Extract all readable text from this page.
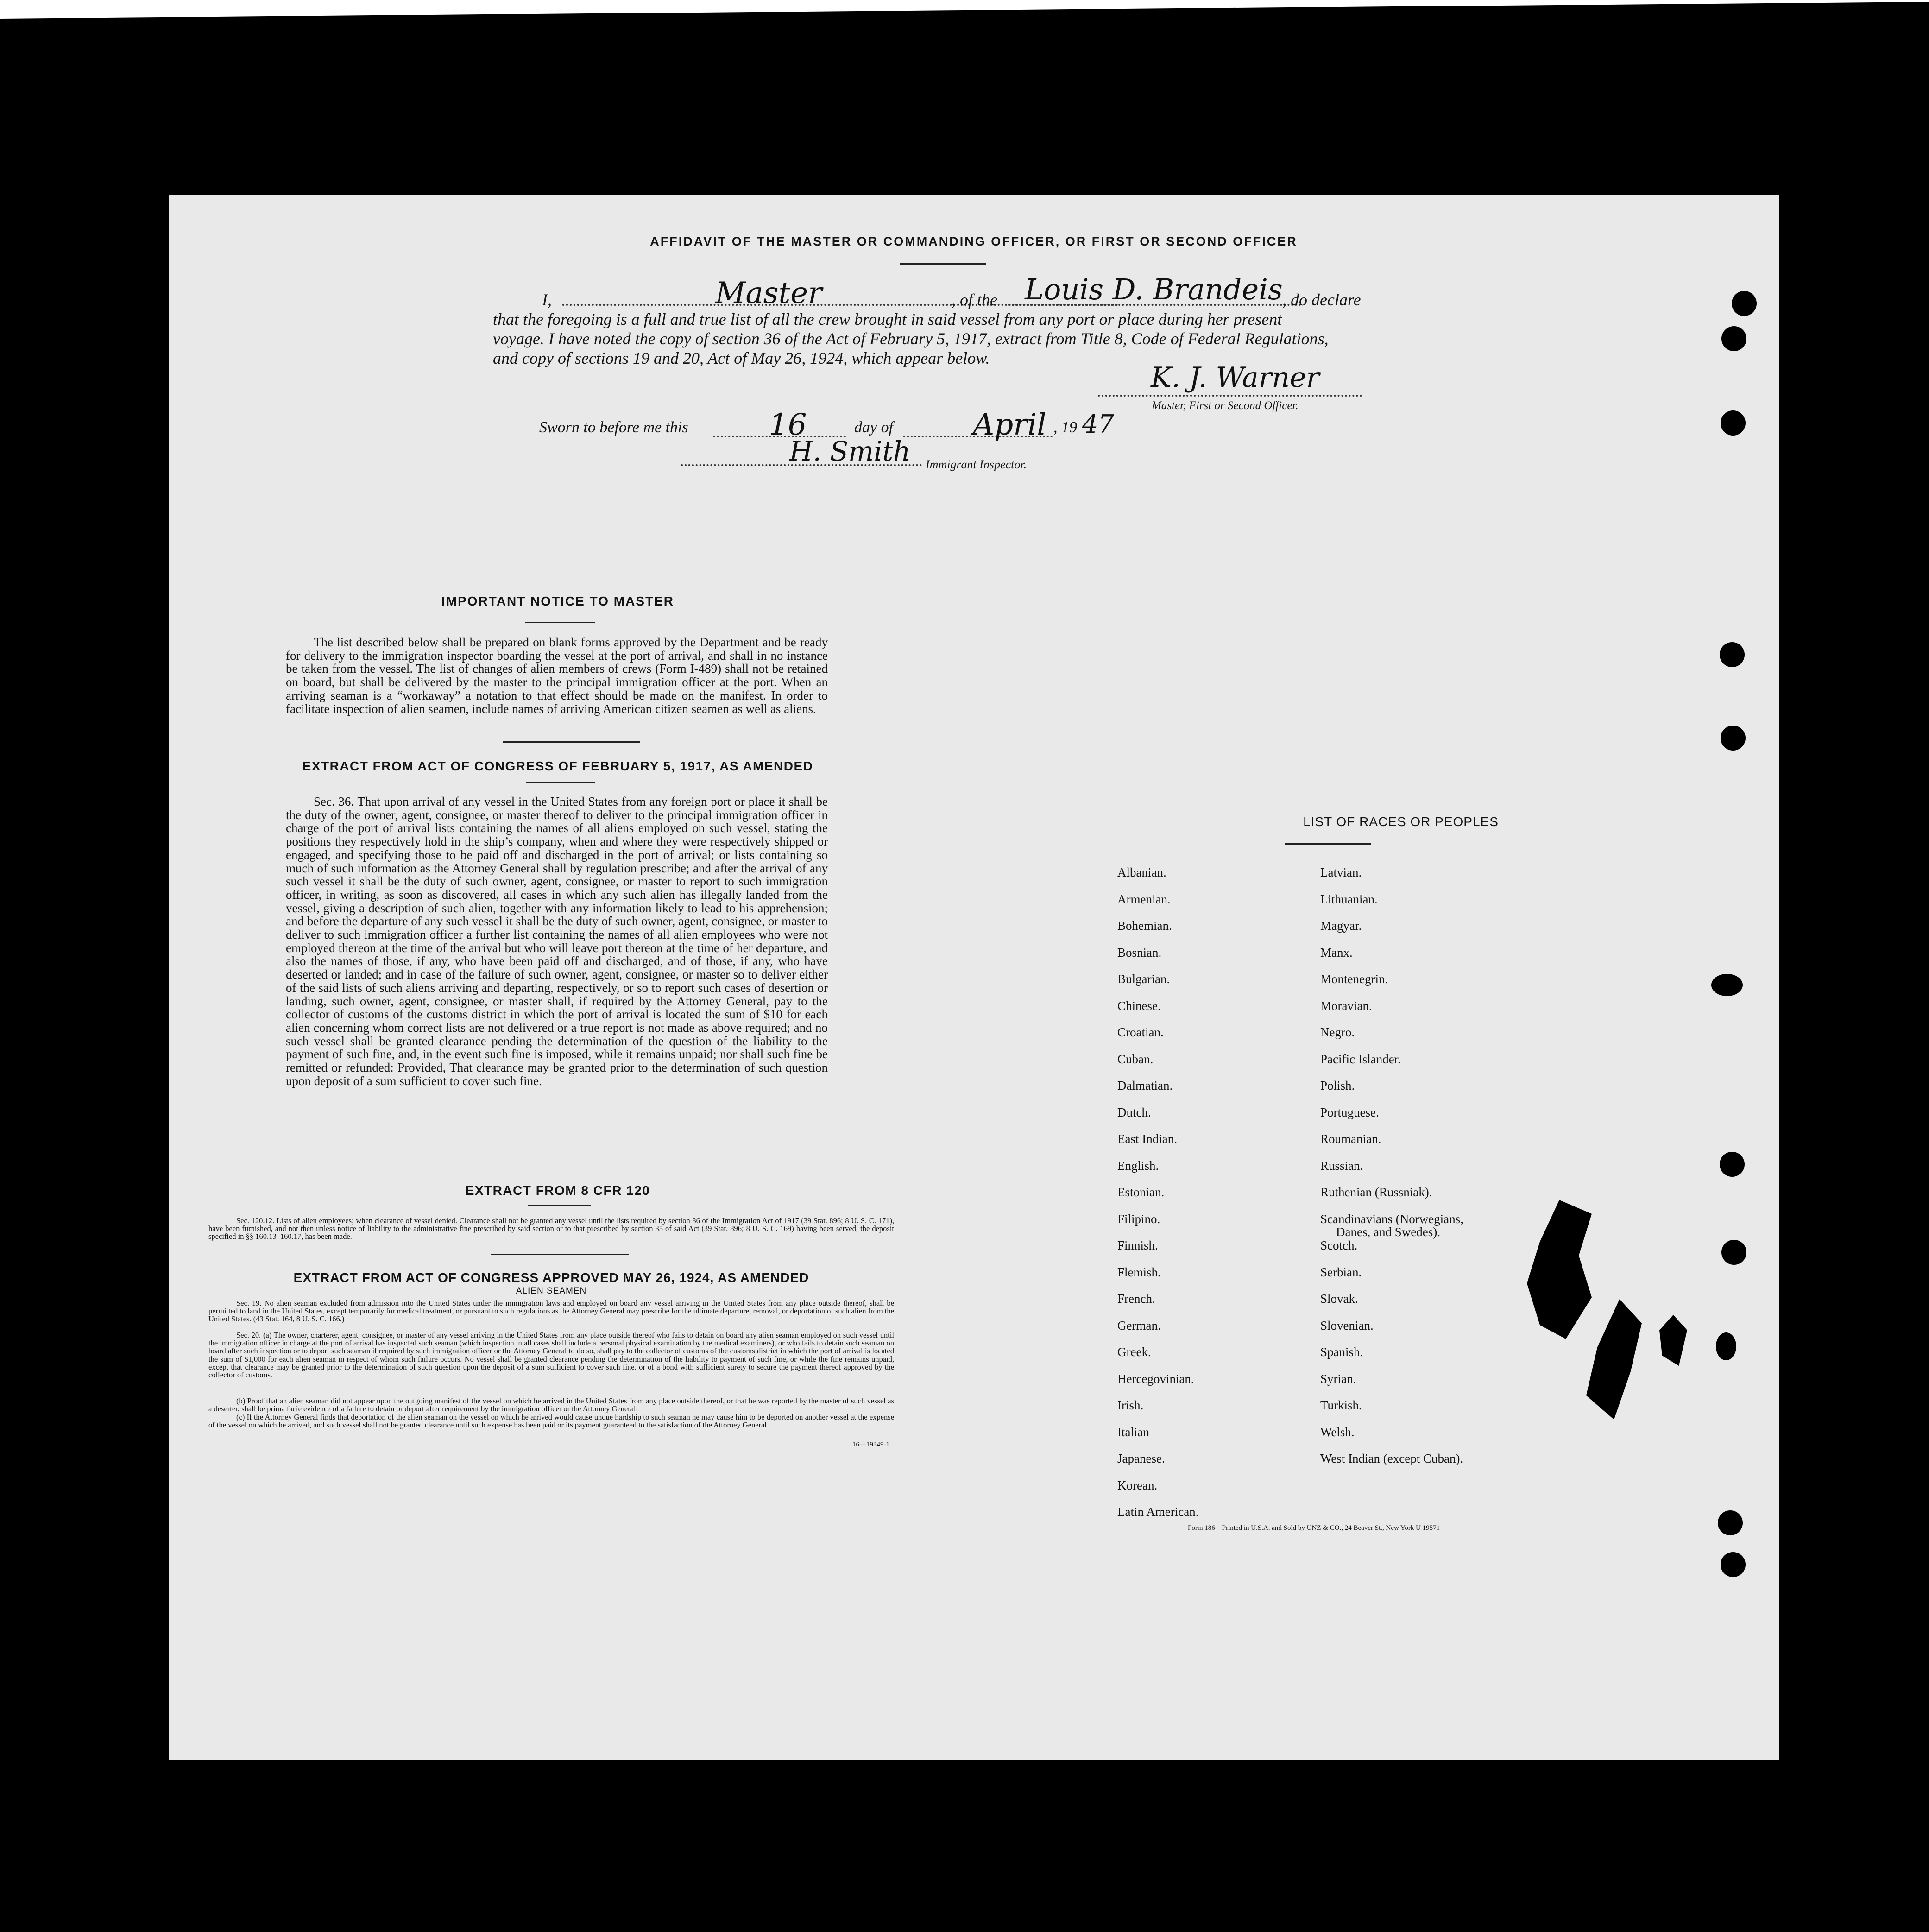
AFFIDAVIT OF THE MASTER OR COMMANDING OFFICER, OR FIRST OR SECOND OFFICER
I,	Master	, of the Louis D. Brandeis , do declare
that the foregoing is a full and true list of all the crew brought in said vessel from any port or place during her present
voyage. I have noted the copy of section 36 of the Act of February 5, 1917, extract from Title 8, Code of Federal Regulations,
and copy of sections 19 and 20, Act of May 26, 1924, which appear below.
K. J. Warner
Master, First or Second Officer.
Sworn to before me this	16	day of	April , 19 47
H. Smith Immigrant Inspector.
IMPORTANT NOTICE TO MASTER
The list described below shall be prepared on blank forms approved by the Department and be ready for delivery to the immigration inspector boarding the vessel at the port of arrival, and shall in no instance be taken from the vessel. The list of changes of alien members of crews (Form I-489) shall not be retained on board, but shall be delivered by the master to the principal immigration officer at the port. When an arriving seaman is a “workaway” a notation to that effect should be made on the manifest. In order to facilitate inspection of alien seamen, include names of arriving American citizen seamen as well as aliens.
EXTRACT FROM ACT OF CONGRESS OF FEBRUARY 5, 1917, AS AMENDED
Sec. 36. That upon arrival of any vessel in the United States from any foreign port or place it shall be the duty of the owner, agent, consignee, or master thereof to deliver to the principal immigration officer in charge of the port of arrival lists containing the names of all aliens employed on such vessel, stating the positions they respectively hold in the ship’s company, when and where they were respectively shipped or engaged, and specifying those to be paid off and discharged in the port of arrival; or lists containing so much of such information as the Attorney General shall by regulation prescribe; and after the arrival of any such vessel it shall be the duty of such owner, agent, consignee, or master to report to such immigration officer, in writing, as soon as discovered, all cases in which any such alien has illegally landed from the vessel, giving a description of such alien, together with any information likely to lead to his apprehension; and before the departure of any such vessel it shall be the duty of such owner, agent, consignee, or master to deliver to such immigration officer a further list containing the names of all alien employees who were not employed thereon at the time of the arrival but who will leave port thereon at the time of her departure, and also the names of those, if any, who have been paid off and discharged, and of those, if any, who have deserted or landed; and in case of the failure of such owner, agent, consignee, or master so to deliver either of the said lists of such aliens arriving and departing, respectively, or so to report such cases of desertion or landing, such owner, agent, consignee, or master shall, if required by the Attorney General, pay to the collector of customs of the customs district in which the port of arrival is located the sum of $10 for each alien concerning whom correct lists are not delivered or a true report is not made as above required; and no such vessel shall be granted clearance pending the determination of the question of the liability to the payment of such fine, and, in the event such fine is imposed, while it remains unpaid; nor shall such fine be remitted or refunded: Provided, That clearance may be granted prior to the determination of such question upon deposit of a sum sufficient to cover such fine.
EXTRACT FROM 8 CFR 120
Sec. 120.12. Lists of alien employees; when clearance of vessel denied. Clearance shall not be granted any vessel until the lists required by section 36 of the Immigration Act of 1917 (39 Stat. 896; 8 U. S. C. 171), have been furnished, and not then unless notice of liability to the administrative fine prescribed by said section or to that prescribed by section 35 of said Act (39 Stat. 896; 8 U. S. C. 169) having been served, the deposit specified in §§ 160.13–160.17, has been made.
EXTRACT FROM ACT OF CONGRESS APPROVED MAY 26, 1924, AS AMENDED
ALIEN SEAMEN
Sec. 19. No alien seaman excluded from admission into the United States under the immigration laws and employed on board any vessel arriving in the United States from any place outside thereof, shall be permitted to land in the United States, except temporarily for medical treatment, or pursuant to such regulations as the Attorney General may prescribe for the ultimate departure, removal, or deportation of such alien from the United States. (43 Stat. 164, 8 U. S. C. 166.)
Sec. 20. (a) The owner, charterer, agent, consignee, or master of any vessel arriving in the United States from any place outside thereof who fails to detain on board any alien seaman employed on such vessel until the immigration officer in charge at the port of arrival has inspected such seaman (which inspection in all cases shall include a personal physical examination by the medical examiners), or who fails to detain such seaman on board after such inspection or to deport such seaman if required by such immigration officer or the Attorney General to do so, shall pay to the collector of customs of the customs district in which the port of arrival is located the sum of $1,000 for each alien seaman in respect of whom such failure occurs. No vessel shall be granted clearance pending the determination of the liability to payment of such fine, or while the fine remains unpaid, except that clearance may be granted prior to the determination of such question upon the deposit of a sum sufficient to cover such fine, or of a bond with sufficient surety to secure the payment thereof approved by the collector of customs.
(b) Proof that an alien seaman did not appear upon the outgoing manifest of the vessel on which he arrived in the United States from any place outside thereof, or that he was reported by the master of such vessel as a deserter, shall be prima facie evidence of a failure to detain or deport after requirement by the immigration officer or the Attorney General.
(c) If the Attorney General finds that deportation of the alien seaman on the vessel on which he arrived would cause undue hardship to such seaman he may cause him to be deported on another vessel at the expense of the vessel on which he arrived, and such vessel shall not be granted clearance until such expense has been paid or its payment guaranteed to the satisfaction of the Attorney General.
16—19349-1
LIST OF RACES OR PEOPLES
Albanian.
Armenian.
Bohemian.
Bosnian.
Bulgarian.
Chinese.
Croatian.
Cuban.
Dalmatian.
Dutch.
East Indian.
English.
Estonian.
Filipino.
Finnish.
Flemish.
French.
German.
Greek.
Hercegovinian.
Irish.
Italian
Japanese.
Korean.
Latin American.
Latvian.
Lithuanian.
Magyar.
Manx.
Montenegrin.
Moravian.
Negro.
Pacific Islander.
Polish.
Portuguese.
Roumanian.
Russian.
Ruthenian (Russniak).
Scandinavians (Norwegians,
Danes, and Swedes).
Scotch.
Serbian.
Slovak.
Slovenian.
Spanish.
Syrian.
Turkish.
Welsh.
West Indian (except Cuban).
Form 186—Printed in U.S.A. and Sold by UNZ & CO., 24 Beaver St., New York U 19571
